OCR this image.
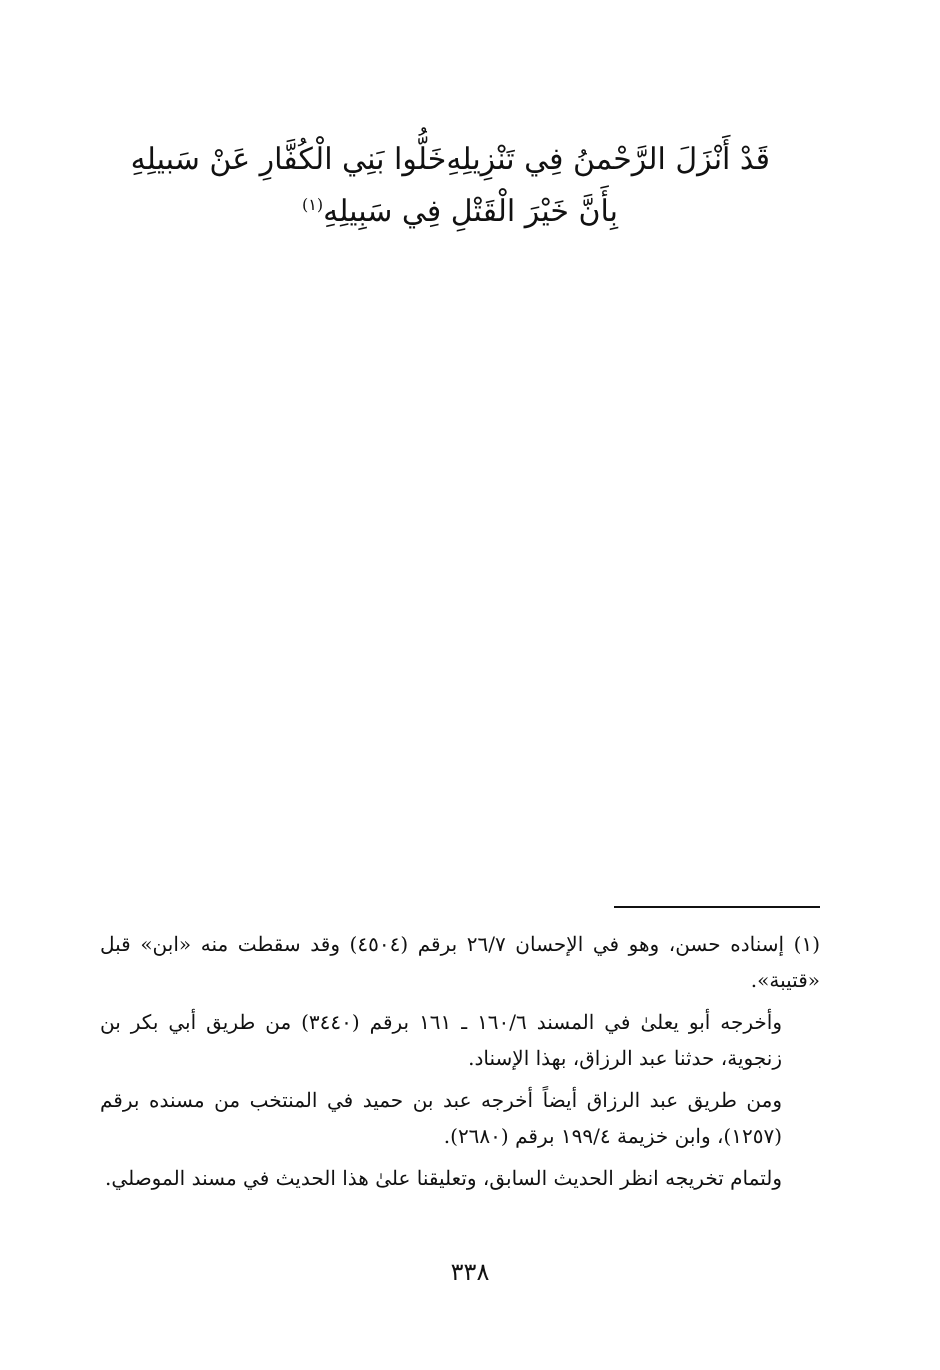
قَدْ أَنْزَلَ الرَّحْمنُ فِي تَنْزِيلِهِ
خَلُّوا بَنِي الْكُفَّارِ عَنْ سَبيلِهِ
بِأَنَّ خَيْرَ الْقَتْلِ فِي سَبِيلِهِ$^{(١)}$

(١) إسناده حسن، وهو في الإحسان ٢٦/٧ برقم (٤٥٠٤) وقد سقطت منه «ابن» قبل «قتيبة».

وأخرجه أبو يعلىٰ في المسند ١٦٠/٦ ـ ١٦١ برقم (٣٤٤٠) من طريق أبي بكر بن زنجوية، حدثنا عبد الرزاق، بهذا الإسناد.

ومن طريق عبد الرزاق أيضاً أخرجه عبد بن حميد في المنتخب من مسنده برقم (١٢٥٧)، وابن خزيمة ١٩٩/٤ برقم (٢٦٨٠).

ولتمام تخريجه انظر الحديث السابق، وتعليقنا علىٰ هذا الحديث في مسند الموصلي.

٣٣٨
